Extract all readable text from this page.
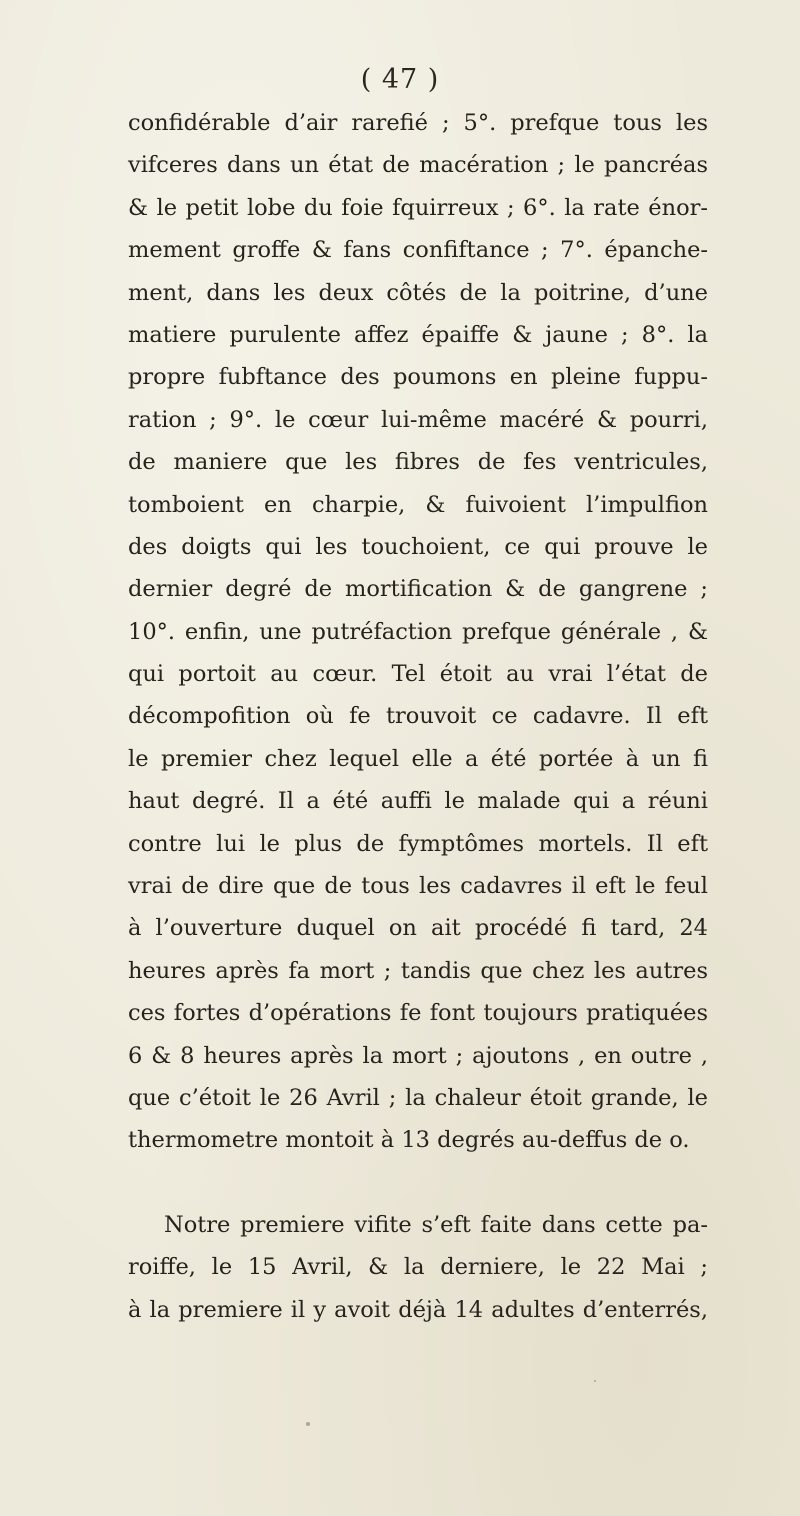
( 47 )
confidérable d’air rarefié ; 5°. prefque tous les
vifceres dans un état de macération ; le pancréas
& le petit lobe du foie fquirreux ; 6°. la rate énor-
mement groffe & fans confiftance ; 7°. épanche-
ment, dans les deux côtés de la poitrine, d’une
matiere purulente affez épaiffe & jaune ; 8°. la
propre fubftance des poumons en pleine fuppu-
ration ; 9°. le cœur lui-même macéré & pourri,
de maniere que les fibres de fes ventricules,
tomboient en charpie, & fuivoient l’impulfion
des doigts qui les touchoient, ce qui prouve le
dernier degré de mortification & de gangrene ;
10°. enfin, une putréfaction prefque générale , &
qui portoit au cœur. Tel étoit au vrai l’état de
décompofition où fe trouvoit ce cadavre. Il eft
le premier chez lequel elle a été portée à un fi
haut degré. Il a été auffi le malade qui a réuni
contre lui le plus de fymptômes mortels. Il eft
vrai de dire que de tous les cadavres il eft le feul
à l’ouverture duquel on ait procédé fi tard, 24
heures après fa mort ; tandis que chez les autres
ces fortes d’opérations fe font toujours pratiquées
6 & 8 heures après la mort ; ajoutons , en outre ,
que c’étoit le 26 Avril ; la chaleur étoit grande, le
thermometre montoit à 13 degrés au-deffus de o.
Notre premiere vifite s’eft faite dans cette pa-
roiffe, le 15 Avril, & la derniere, le 22 Mai ;
à la premiere il y avoit déjà 14 adultes d’enterrés,
